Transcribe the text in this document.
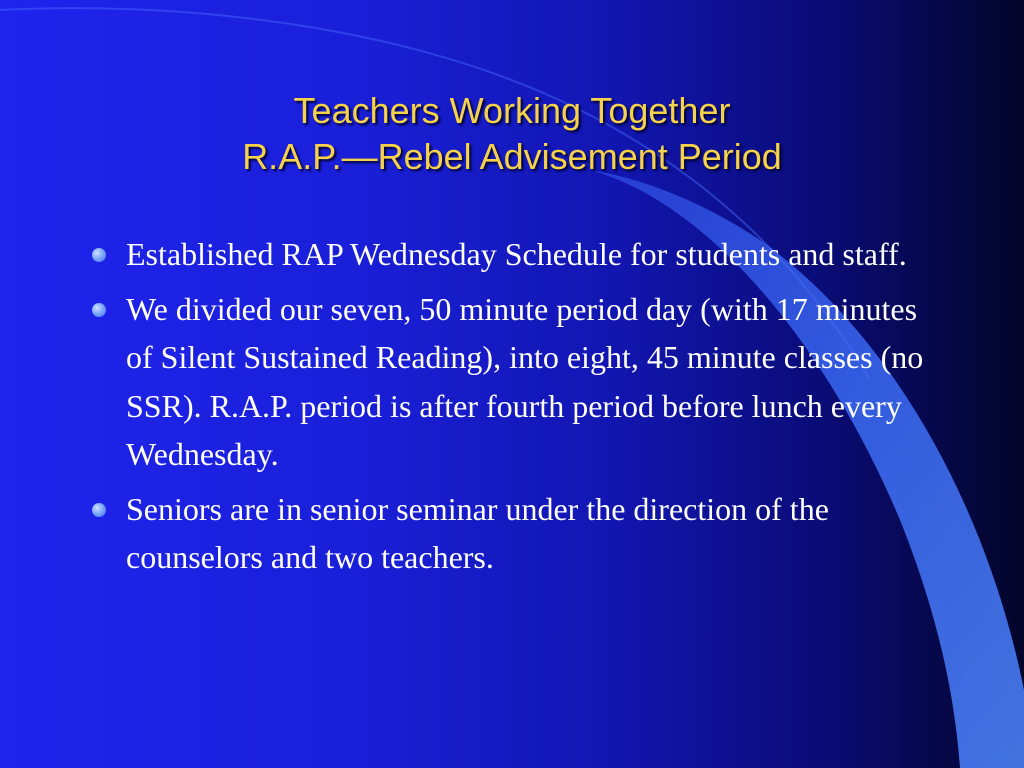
Teachers Working Together
R.A.P.—Rebel Advisement Period
Established RAP Wednesday Schedule for students and staff.
We divided our seven, 50 minute period day (with 17 minutes of Silent Sustained Reading), into eight, 45 minute classes (no SSR). R.A.P. period is after fourth period before lunch every Wednesday.
Seniors are in senior seminar under the direction of the counselors and two teachers.
